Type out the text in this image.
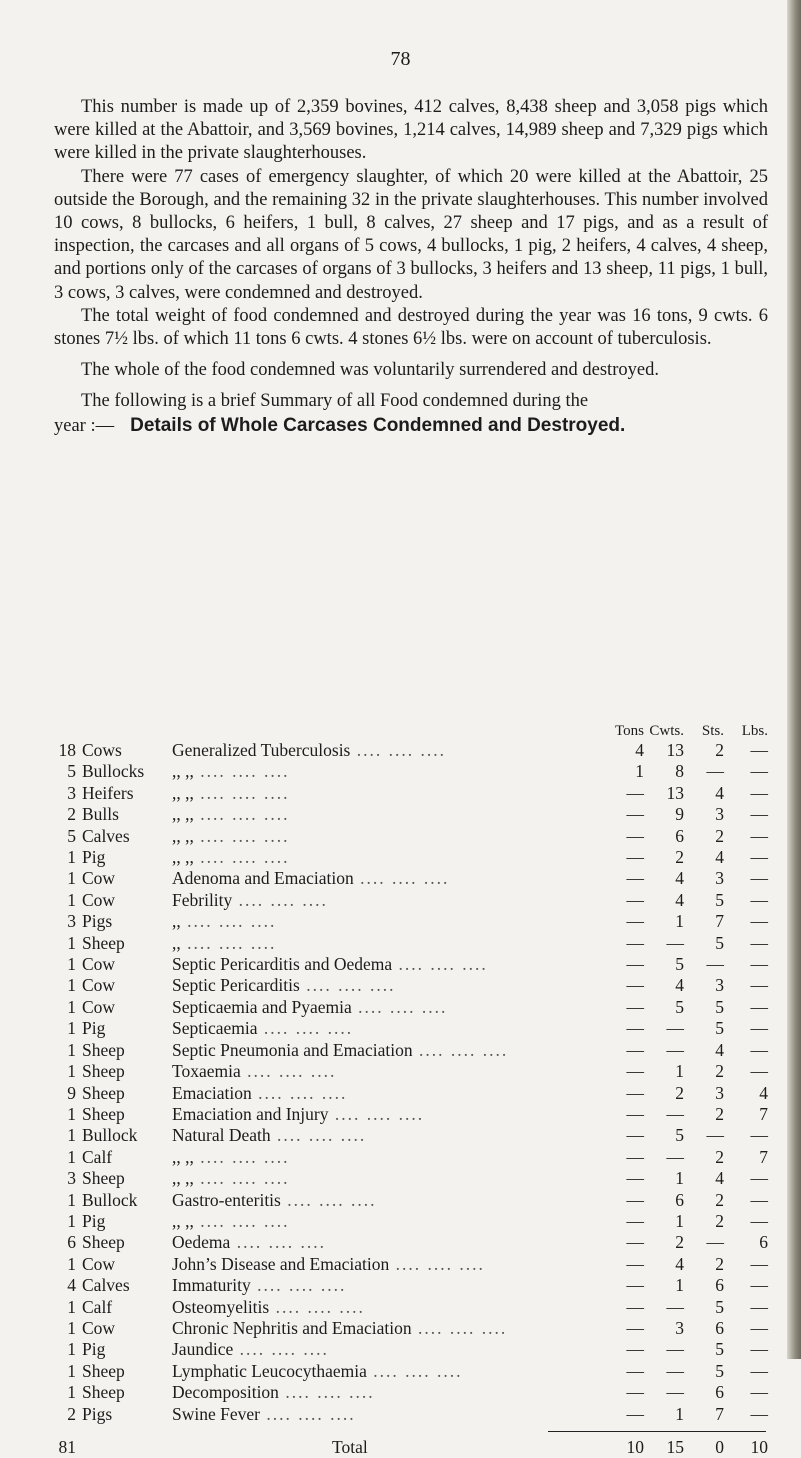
78

This number is made up of 2,359 bovines, 412 calves, 8,438 sheep and 3,058 pigs which were killed at the Abattoir, and 3,569 bovines, 1,214 calves, 14,989 sheep and 7,329 pigs which were killed in the private slaughterhouses.

There were 77 cases of emergency slaughter, of which 20 were killed at the Abattoir, 25 outside the Borough, and the remaining 32 in the private slaughterhouses. This number involved 10 cows, 8 bullocks, 6 heifers, 1 bull, 8 calves, 27 sheep and 17 pigs, and as a result of inspection, the carcases and all organs of 5 cows, 4 bullocks, 1 pig, 2 heifers, 4 calves, 4 sheep, and portions only of the carcases of organs of 3 bullocks, 3 heifers and 13 sheep, 11 pigs, 1 bull, 3 cows, 3 calves, were condemned and destroyed.

The total weight of food condemned and destroyed during the year was 16 tons, 9 cwts. 6 stones 7½ lbs. of which 11 tons 6 cwts. 4 stones 6½ lbs. were on account of tuberculosis.

The whole of the food condemned was voluntarily surrendered and destroyed.

The following is a brief Summary of all Food condemned during the
year :— Details of Whole Carcases Condemned and Destroyed.
			Tons	Cwts.	Sts.	Lbs.
18	Cows	Generalized Tuberculosis .... .... ....	4	13	2	—
5	Bullocks	,, ,, .... .... ....	1	8	—	—
3	Heifers	,, ,, .... .... ....	—	13	4	—
2	Bulls	,, ,, .... .... ....	—	9	3	—
5	Calves	,, ,, .... .... ....	—	6	2	—
1	Pig	,, ,, .... .... ....	—	2	4	—
1	Cow	Adenoma and Emaciation .... .... ....	—	4	3	—
1	Cow	Febrility .... .... ....	—	4	5	—
3	Pigs	,, .... .... ....	—	1	7	—
1	Sheep	,, .... .... ....	—	—	5	—
1	Cow	Septic Pericarditis and Oedema .... .... ....	—	5	—	—
1	Cow	Septic Pericarditis .... .... ....	—	4	3	—
1	Cow	Septicaemia and Pyaemia .... .... ....	—	5	5	—
1	Pig	Septicaemia .... .... ....	—	—	5	—
1	Sheep	Septic Pneumonia and Emaciation .... .... ....	—	—	4	—
1	Sheep	Toxaemia .... .... ....	—	1	2	—
9	Sheep	Emaciation .... .... ....	—	2	3	4
1	Sheep	Emaciation and Injury .... .... ....	—	—	2	7
1	Bullock	Natural Death .... .... ....	—	5	—	—
1	Calf	,, ,, .... .... ....	—	—	2	7
3	Sheep	,, ,, .... .... ....	—	1	4	—
1	Bullock	Gastro-enteritis .... .... ....	—	6	2	—
1	Pig	,, ,, .... .... ....	—	1	2	—
6	Sheep	Oedema .... .... ....	—	2	—	6
1	Cow	John’s Disease and Emaciation .... .... ....	—	4	2	—
4	Calves	Immaturity .... .... ....	—	1	6	—
1	Calf	Osteomyelitis .... .... ....	—	—	5	—
1	Cow	Chronic Nephritis and Emaciation .... .... ....	—	3	6	—
1	Pig	Jaundice .... .... ....	—	—	5	—
1	Sheep	Lymphatic Leucocythaemia .... .... ....	—	—	5	—
1	Sheep	Decomposition .... .... ....	—	—	6	—
2	Pigs	Swine Fever .... .... ....	—	1	7	—
81		Total	10	15	0	10
